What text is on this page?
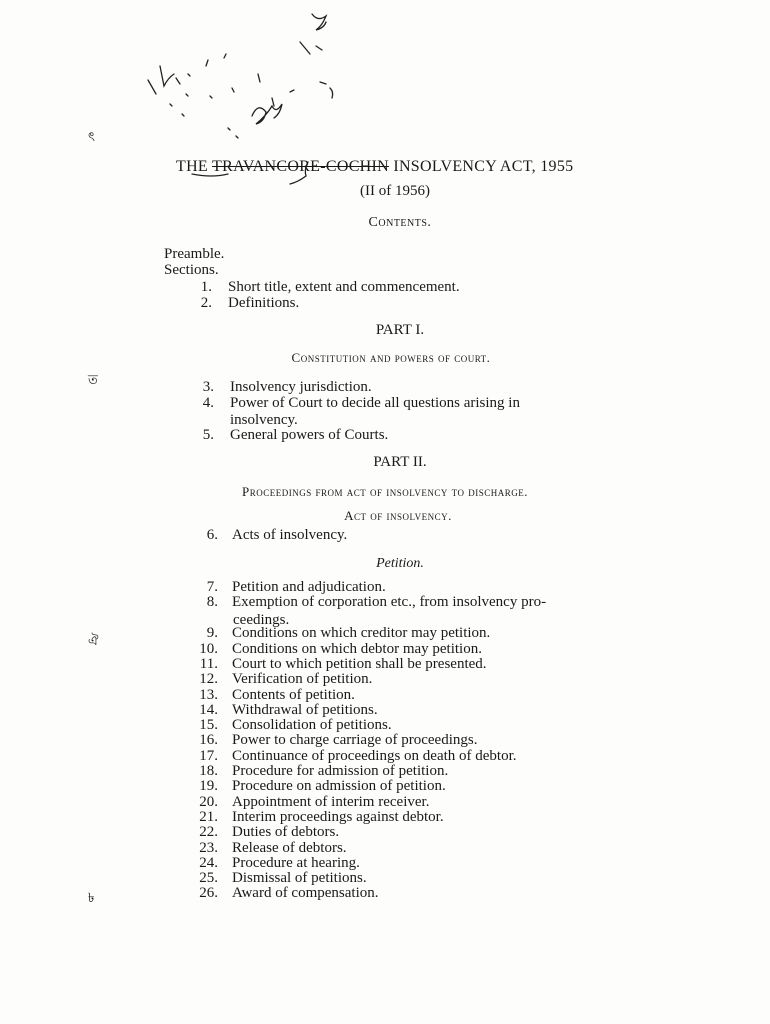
ৎ
ত
ঐ
৳
THE TRAVANCORE-COCHIN INSOLVENCY ACT, 1955
(II of 1956)
Contents.
Preamble.
Sections.
1. Short title, extent and commencement.
2. Definitions.
PART I.
Constitution and powers of court.
3. Insolvency jurisdiction.
4. Power of Court to decide all questions arising in
insolvency.
5. General powers of Courts.
PART II.
Proceedings from act of insolvency to discharge.
Act of insolvency.
6. Acts of insolvency.
Petition.
7. Petition and adjudication.
8. Exemption of corporation etc., from insolvency pro-
9. Conditions on which creditor may petition.
10. Conditions on which debtor may petition.
11. Court to which petition shall be presented.
12. Verification of petition.
13. Contents of petition.
14. Withdrawal of petitions.
15. Consolidation of petitions.
16. Power to charge carriage of proceedings.
17. Continuance of proceedings on death of debtor.
18. Procedure for admission of petition.
19. Procedure on admission of petition.
20. Appointment of interim receiver.
21. Interim proceedings against debtor.
22. Duties of debtors.
23. Release of debtors.
24. Procedure at hearing.
25. Dismissal of petitions.
26. Award of compensation.
ceedings.
